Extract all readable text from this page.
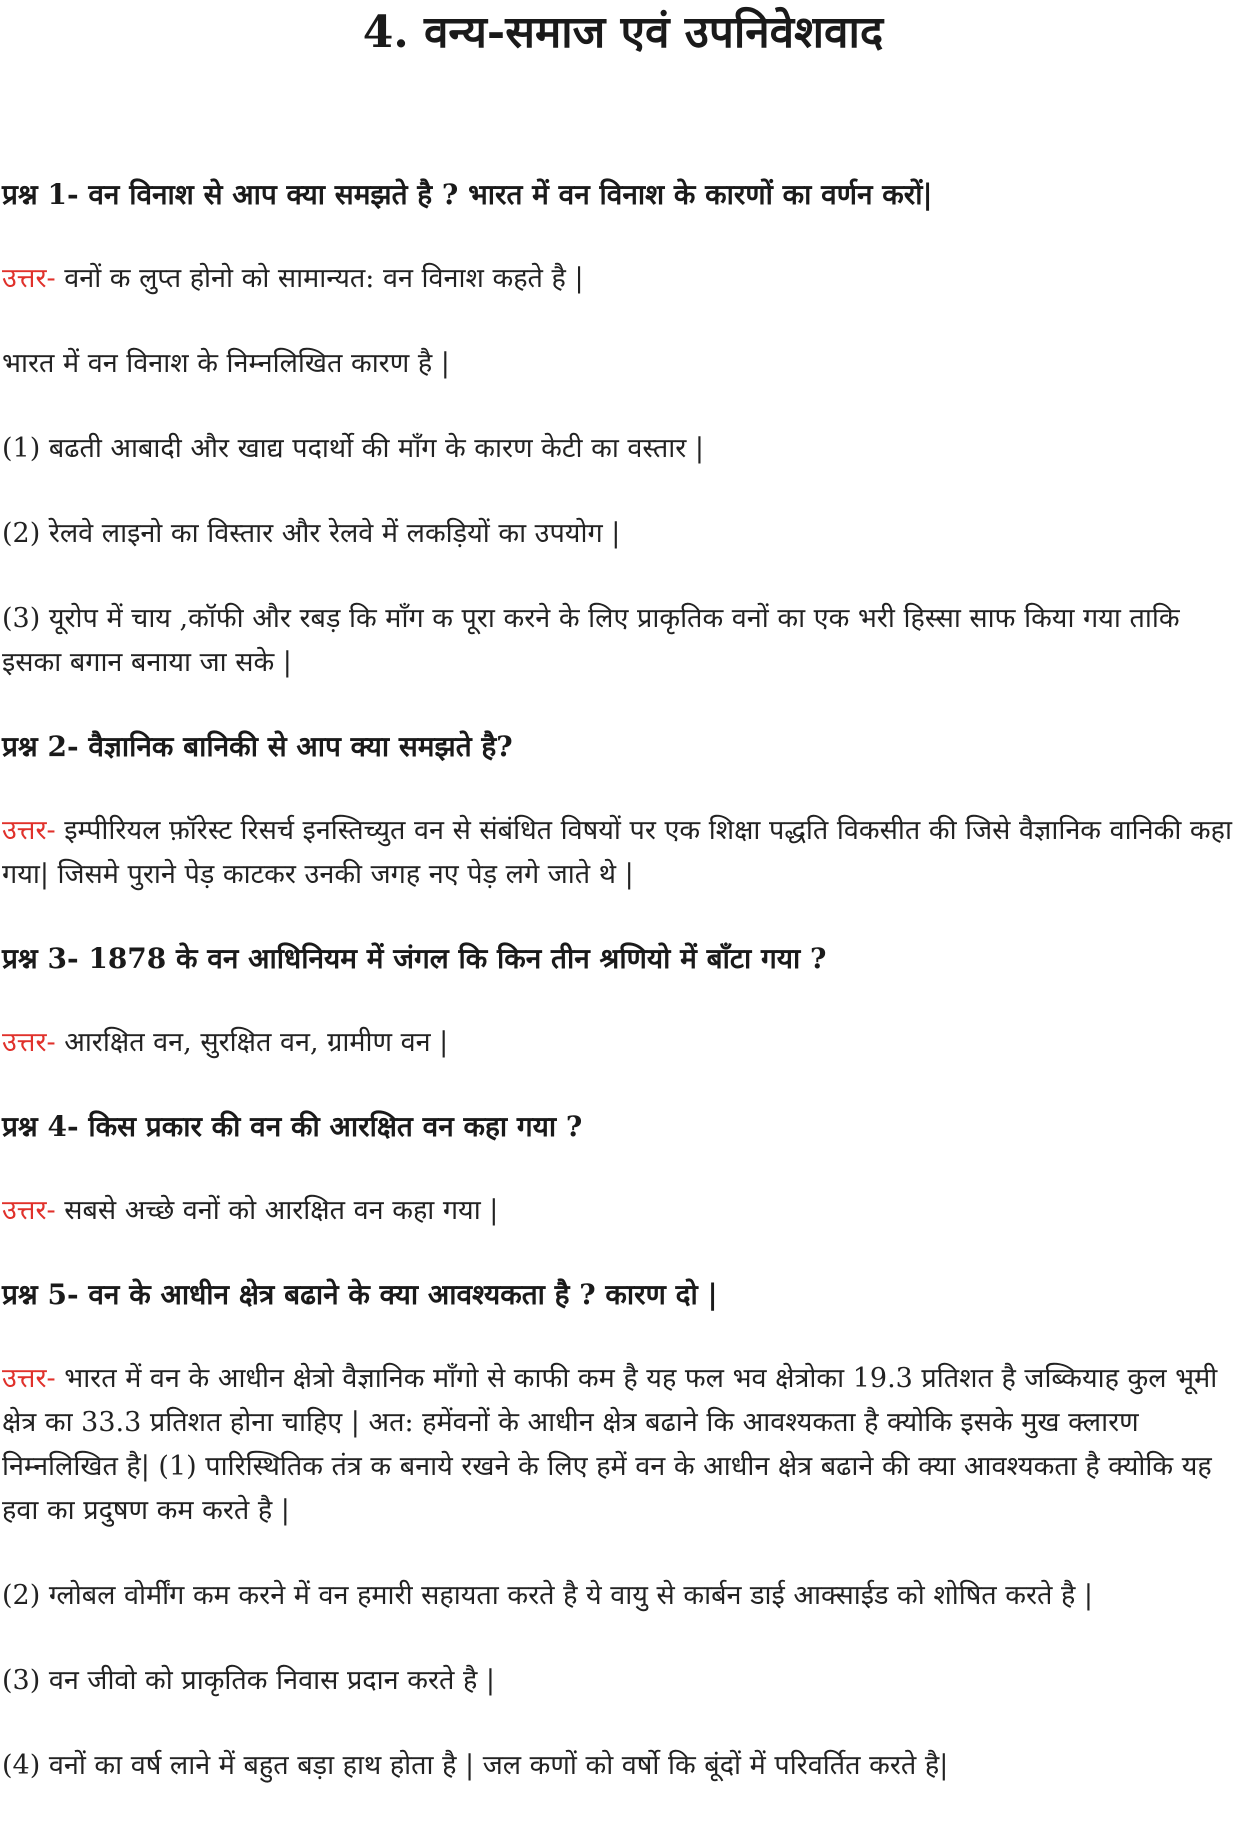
4. वन्य-समाज एवं उपनिवेशवाद

प्रश्न 1- वन विनाश से आप क्या समझते है ? भारत में वन विनाश के कारणों का वर्णन करों|

उत्तर- वनों क लुप्त होनो को सामान्यत: वन विनाश कहते है |

भारत में वन विनाश के निम्नलिखित कारण है |

(1) बढती आबादी और खाद्य पदार्थो की माँग के कारण केटी का वस्तार |

(2) रेलवे लाइनो का विस्तार और रेलवे में लकड़ियों का उपयोग |

(3) यूरोप में चाय ,कॉफी और रबड़ कि माँग क पूरा करने के लिए प्राकृतिक वनों का एक भरी हिस्सा साफ किया गया ताकि इसका बगान बनाया जा सके |

प्रश्न 2- वैज्ञानिक बानिकी से आप क्या समझते है?

उत्तर- इम्पीरियल फ़ॉरेस्ट रिसर्च इनस्तिच्युत वन से संबंधित विषयों पर एक शिक्षा पद्धति विकसीत की जिसे वैज्ञानिक वानिकी कहा गया| जिसमे पुराने पेड़ काटकर उनकी जगह नए पेड़ लगे जाते थे |

प्रश्न 3- 1878 के वन आधिनियम में जंगल कि किन तीन श्रणियो में बाँटा गया ?

उत्तर- आरक्षित वन, सुरक्षित वन, ग्रामीण वन |

प्रश्न 4- किस प्रकार की वन की आरक्षित वन कहा गया ?

उत्तर- सबसे अच्छे वनों को आरक्षित वन कहा गया |

प्रश्न 5- वन के आधीन क्षेत्र बढाने के क्या आवश्यकता है ? कारण दो |

उत्तर- भारत में वन के आधीन क्षेत्रो वैज्ञानिक माँगो से काफी कम है यह फल भव क्षेत्रोका 19.3 प्रतिशत है जब्कियाह कुल भूमी क्षेत्र का 33.3 प्रतिशत होना चाहिए | अत: हमेंवनों के आधीन क्षेत्र बढाने कि आवश्यकता है क्योकि इसके मुख क्लारण निम्नलिखित है| (1) पारिस्थितिक तंत्र क बनाये रखने के लिए हमें वन के आधीन क्षेत्र बढाने की क्या आवश्यकता है क्योकि यह हवा का प्रदुषण कम करते है |

(2) ग्लोबल वोर्मींग कम करने में वन हमारी सहायता करते है ये वायु से कार्बन डाई आक्साईड को शोषित करते है |

(3) वन जीवो को प्राकृतिक निवास प्रदान करते है |

(4) वनों का वर्ष लाने में बहुत बड़ा हाथ होता है | जल कणों को वर्षो कि बूंदों में परिवर्तित करते है|
